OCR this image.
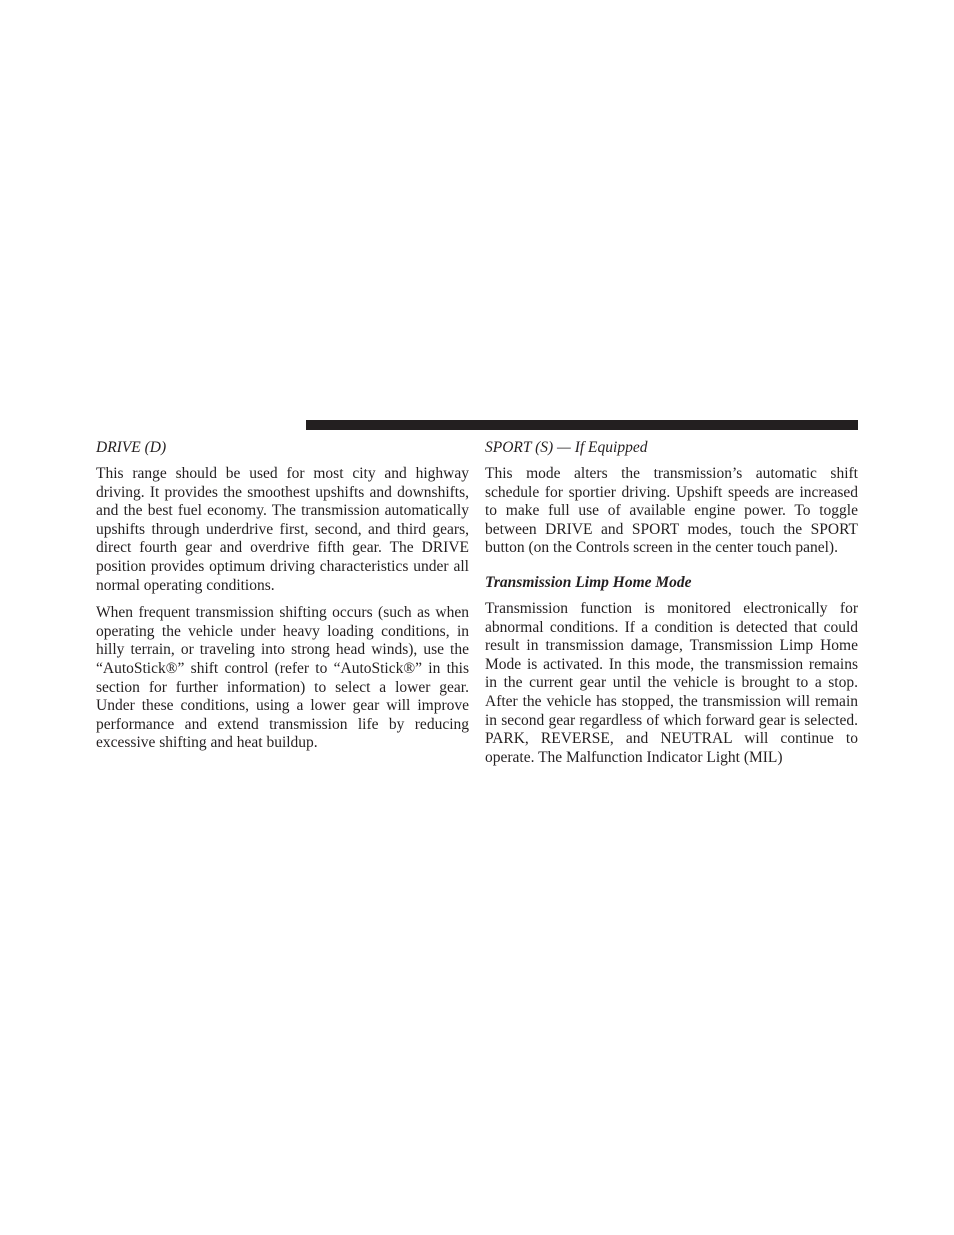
DRIVE (D)

This range should be used for most city and highway driving. It provides the smoothest upshifts and downshifts, and the best fuel economy. The transmission automatically upshifts through underdrive first, second, and third gears, direct fourth gear and overdrive fifth gear. The DRIVE position provides optimum driving characteristics under all normal operating conditions.

When frequent transmission shifting occurs (such as when operating the vehicle under heavy loading conditions, in hilly terrain, or traveling into strong head winds), use the “AutoStick®” shift control (refer to “AutoStick®” in this section for further information) to select a lower gear. Under these conditions, using a lower gear will improve performance and extend transmission life by reducing excessive shifting and heat buildup.

SPORT (S) — If Equipped

This mode alters the transmission’s automatic shift schedule for sportier driving. Upshift speeds are increased to make full use of available engine power. To toggle between DRIVE and SPORT modes, touch the SPORT button (on the Controls screen in the center touch panel).

Transmission Limp Home Mode

Transmission function is monitored electronically for abnormal conditions. If a condition is detected that could result in transmission damage, Transmission Limp Home Mode is activated. In this mode, the transmission remains in the current gear until the vehicle is brought to a stop. After the vehicle has stopped, the transmission will remain in second gear regardless of which forward gear is selected. PARK, REVERSE, and NEUTRAL will continue to operate. The Malfunction Indicator Light (MIL)
